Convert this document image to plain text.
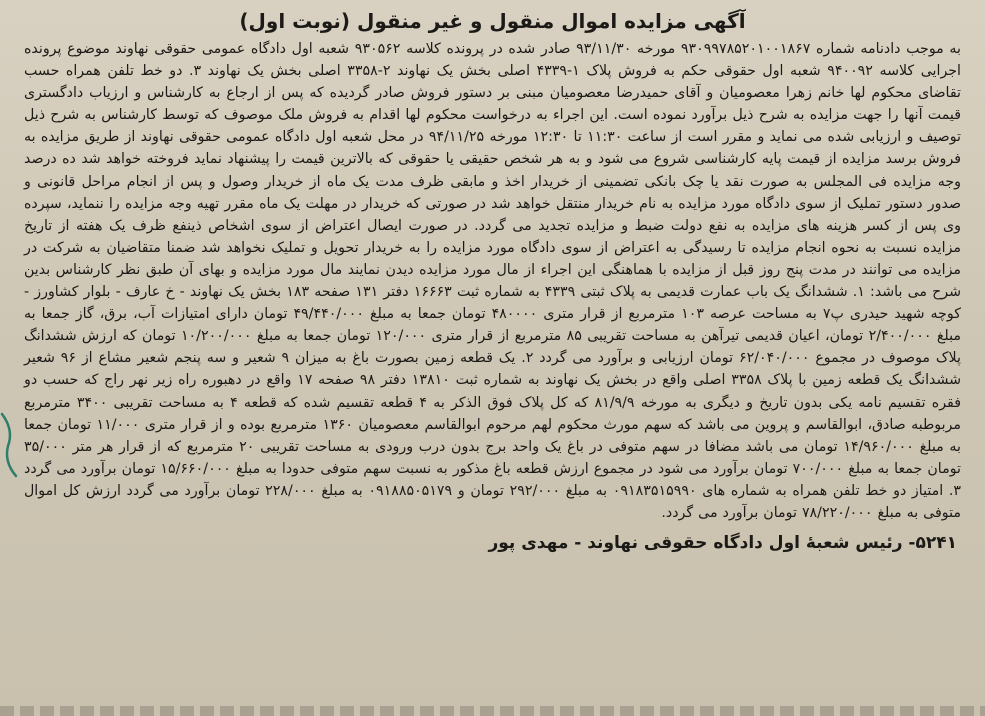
آگهی مزایده اموال منقول و غیر منقول (نوبت اول)

به موجب دادنامه شماره ۹۳۰۹۹۷۸۵۲۰۱۰۰۱۸۶۷ مورخه ۹۳/۱۱/۳۰ صادر شده در پرونده کلاسه ۹۳۰۵۶۲ شعبه اول دادگاه عمومی حقوقی نهاوند موضوع پرونده اجرایی کلاسه ۹۴۰۰۹۲ شعبه اول حقوقی حکم به فروش پلاک ۱-۴۳۳۹ اصلی بخش یک نهاوند ۲-۳۳۵۸ اصلی بخش یک نهاوند ۳. دو خط تلفن همراه حسب تقاضای محکوم لها خانم زهرا معصومیان و آقای حمیدرضا معصومیان مبنی بر دستور فروش صادر گردیده که پس از ارجاع به کارشناس و ارزیاب دادگستری قیمت آنها را جهت مزایده به شرح ذیل برآورد نموده است. این اجراء به درخواست محکوم لها اقدام به فروش ملک موصوف که توسط کارشناس به شرح ذیل توصیف و ارزیابی شده می نماید و مقرر است از ساعت ۱۱:۳۰ تا ۱۲:۳۰ مورخه ۹۴/۱۱/۲۵ در محل شعبه اول دادگاه عمومی حقوقی نهاوند از طریق مزایده به فروش برسد مزایده از قیمت پایه کارشناسی شروع می شود و به هر شخص حقیقی یا حقوقی که بالاترین قیمت را پیشنهاد نماید فروخته خواهد شد ده درصد وجه مزایده فی المجلس به صورت نقد یا چک بانکی تضمینی از خریدار اخذ و مابقی ظرف مدت یک ماه از خریدار وصول و پس از انجام مراحل قانونی و صدور دستور تملیک از سوی دادگاه مورد مزایده به نام خریدار منتقل خواهد شد در صورتی که خریدار در مهلت یک ماه مقرر تهیه وجه مزایده را ننماید، سپرده وی پس از کسر هزینه های مزایده به نفع دولت ضبط و مزایده تجدید می گردد. در صورت ایصال اعتراض از سوی اشخاص ذینفع ظرف یک هفته از تاریخ مزایده نسبت به نحوه انجام مزایده تا رسیدگی به اعتراض از سوی دادگاه مورد مزایده را به خریدار تحویل و تملیک نخواهد شد ضمنا متقاضیان به شرکت در مزایده می توانند در مدت پنج روز قبل از مزایده با هماهنگی این اجراء از مال مورد مزایده دیدن نمایند مال مورد مزایده و بهای آن طبق نظر کارشناس بدین شرح می باشد: ۱. ششدانگ یک باب عمارت قدیمی به پلاک ثبتی ۴۳۳۹ به شماره ثبت ۱۶۶۶۳ دفتر ۱۳۱ صفحه ۱۸۳ بخش یک نهاوند - خ عارف - بلوار کشاورز - کوچه شهید حیدری پ۷ به مساحت عرصه ۱۰۳ مترمربع از قرار متری ۴۸۰۰۰۰ تومان جمعا به مبلغ ۴۹/۴۴۰/۰۰۰ تومان دارای امتیازات آب، برق، گاز جمعا به مبلغ ۲/۴۰۰/۰۰۰ تومان، اعیان قدیمی تیرآهن به مساحت تقریبی ۸۵ مترمربع از قرار متری ۱۲۰/۰۰۰ تومان جمعا به مبلغ ۱۰/۲۰۰/۰۰۰ تومان که ارزش ششدانگ پلاک موصوف در مجموع ۶۲/۰۴۰/۰۰۰ تومان ارزیابی و برآورد می گردد ۲. یک قطعه زمین بصورت باغ به میزان ۹ شعیر و سه پنجم شعیر مشاع از ۹۶ شعیر ششدانگ یک قطعه زمین با پلاک ۳۳۵۸ اصلی واقع در بخش یک نهاوند به شماره ثبت ۱۳۸۱۰ دفتر ۹۸ صفحه ۱۷ واقع در دهبوره راه زیر نهر راج که حسب دو فقره تقسیم نامه یکی بدون تاریخ و دیگری به مورخه ۸۱/۹/۹ که کل پلاک فوق الذکر به ۴ قطعه تقسیم شده که قطعه ۴ به مساحت تقریبی ۳۴۰۰ مترمربع مربوطبه صادق، ابوالقاسم و پروین می باشد که سهم مورث محکوم لهم مرحوم ابوالقاسم معصومیان ۱۳۶۰ مترمربع بوده و از قرار متری ۱۱/۰۰۰ تومان جمعا به مبلغ ۱۴/۹۶۰/۰۰۰ تومان می باشد مضافا در سهم متوفی در باغ یک واحد برج بدون درب ورودی به مساحت تقریبی ۲۰ مترمربع که از قرار هر متر ۳۵/۰۰۰ تومان جمعا به مبلغ ۷۰۰/۰۰۰ تومان برآورد می شود در مجموع ارزش قطعه باغ مذکور به نسبت سهم متوفی حدودا به مبلغ ۱۵/۶۶۰/۰۰۰ تومان برآورد می گردد ۳. امتیاز دو خط تلفن همراه به شماره های ۰۹۱۸۳۵۱۵۹۹۰ به مبلغ ۲۹۲/۰۰۰ تومان و ۰۹۱۸۸۵۰۵۱۷۹ به مبلغ ۲۲۸/۰۰۰ تومان برآورد می گردد ارزش کل اموال متوفی به مبلغ ۷۸/۲۲۰/۰۰۰ تومان برآورد می گردد.

۵۲۴۱- رئیس شعبهٔ اول دادگاه حقوقی نهاوند - مهدی پور
